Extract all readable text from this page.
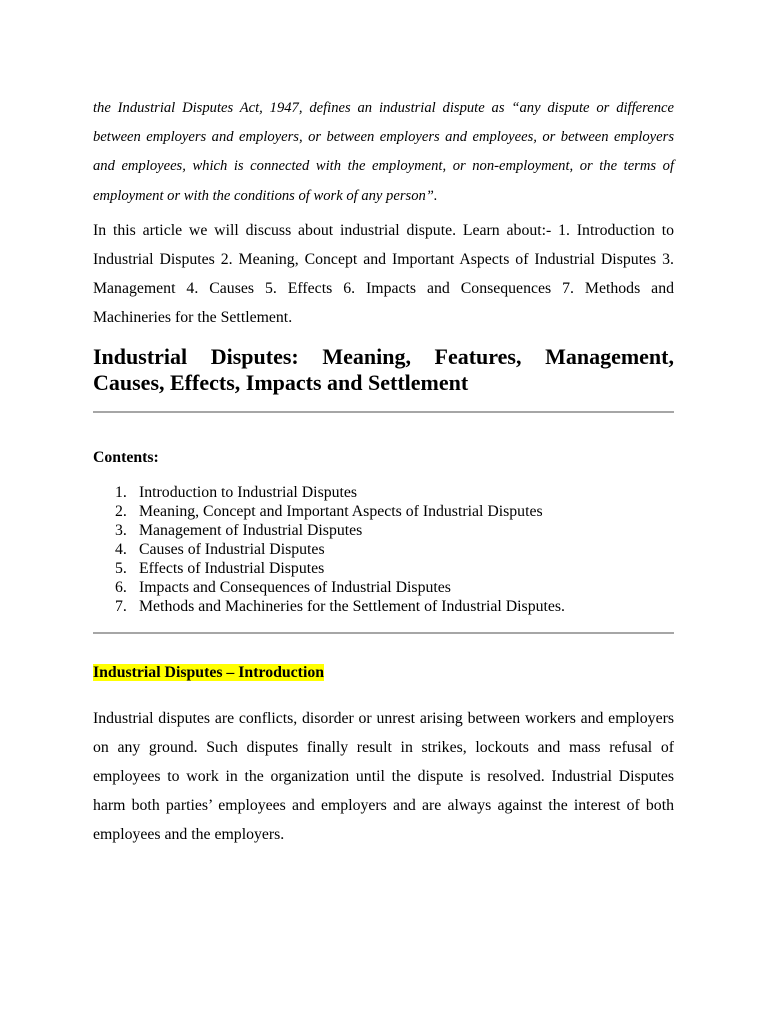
the Industrial Disputes Act, 1947, defines an industrial dispute as “any dispute or difference between employers and employers, or between employers and employees, or between employers and employees, which is connected with the employment, or non-employment, or the terms of employment or with the conditions of work of any person”.

In this article we will discuss about industrial dispute. Learn about:- 1. Introduction to Industrial Disputes 2. Meaning, Concept and Important Aspects of Industrial Disputes 3. Management 4. Causes 5. Effects 6. Impacts and Consequences 7. Methods and Machineries for the Settlement.

Industrial Disputes: Meaning, Features, Management,
Causes, Effects, Impacts and Settlement
Contents:
1. Introduction to Industrial Disputes
2. Meaning, Concept and Important Aspects of Industrial Disputes
3. Management of Industrial Disputes
4. Causes of Industrial Disputes
5. Effects of Industrial Disputes
6. Impacts and Consequences of Industrial Disputes
7. Methods and Machineries for the Settlement of Industrial Disputes.
Industrial Disputes – Introduction

Industrial disputes are conflicts, disorder or unrest arising between workers and employers on any ground. Such disputes finally result in strikes, lockouts and mass refusal of employees to work in the organization until the dispute is resolved. Industrial Disputes harm both parties’ employees and employers and are always against the interest of both employees and the employers.
